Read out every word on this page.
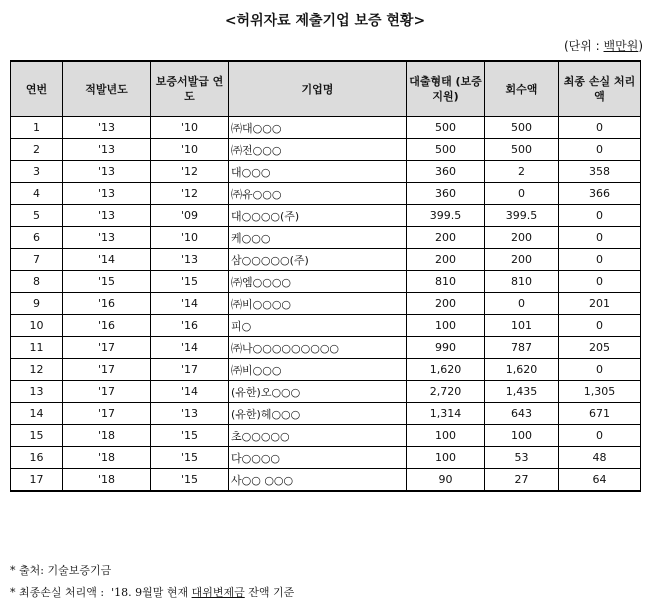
<허위자료 제출기업 보증 현황>
(단위 : 백만원)
연번	적발년도	보증서발급 연도	기업명	대출형태 (보증 지원)	회수액	최종 손실 처리액
1	'13	'10	㈜대○○○	500	500	0
2	'13	'10	㈜전○○○	500	500	0
3	'13	'12	대○○○	360	2	358
4	'13	'12	㈜유○○○	360	0	366
5	'13	'09	대○○○○(주)	399.5	399.5	0
6	'13	'10	케○○○	200	200	0
7	'14	'13	삼○○○○○(주)	200	200	0
8	'15	'15	㈜엠○○○○	810	810	0
9	'16	'14	㈜비○○○○	200	0	201
10	'16	'16	피○	100	101	0
11	'17	'14	㈜나○○○○○○○○○	990	787	205
12	'17	'17	㈜비○○○	1,620	1,620	0
13	'17	'14	(유한)오○○○	2,720	1,435	1,305
14	'17	'13	(유한)헤○○○	1,314	643	671
15	'18	'15	초○○○○○	100	100	0
16	'18	'15	다○○○○	100	53	48
17	'18	'15	사○○ ○○○	90	27	64
* 출처: 기술보증기금
* 최종손실 처리액 :  '18. 9월말 현재 대위변제금 잔액 기준
